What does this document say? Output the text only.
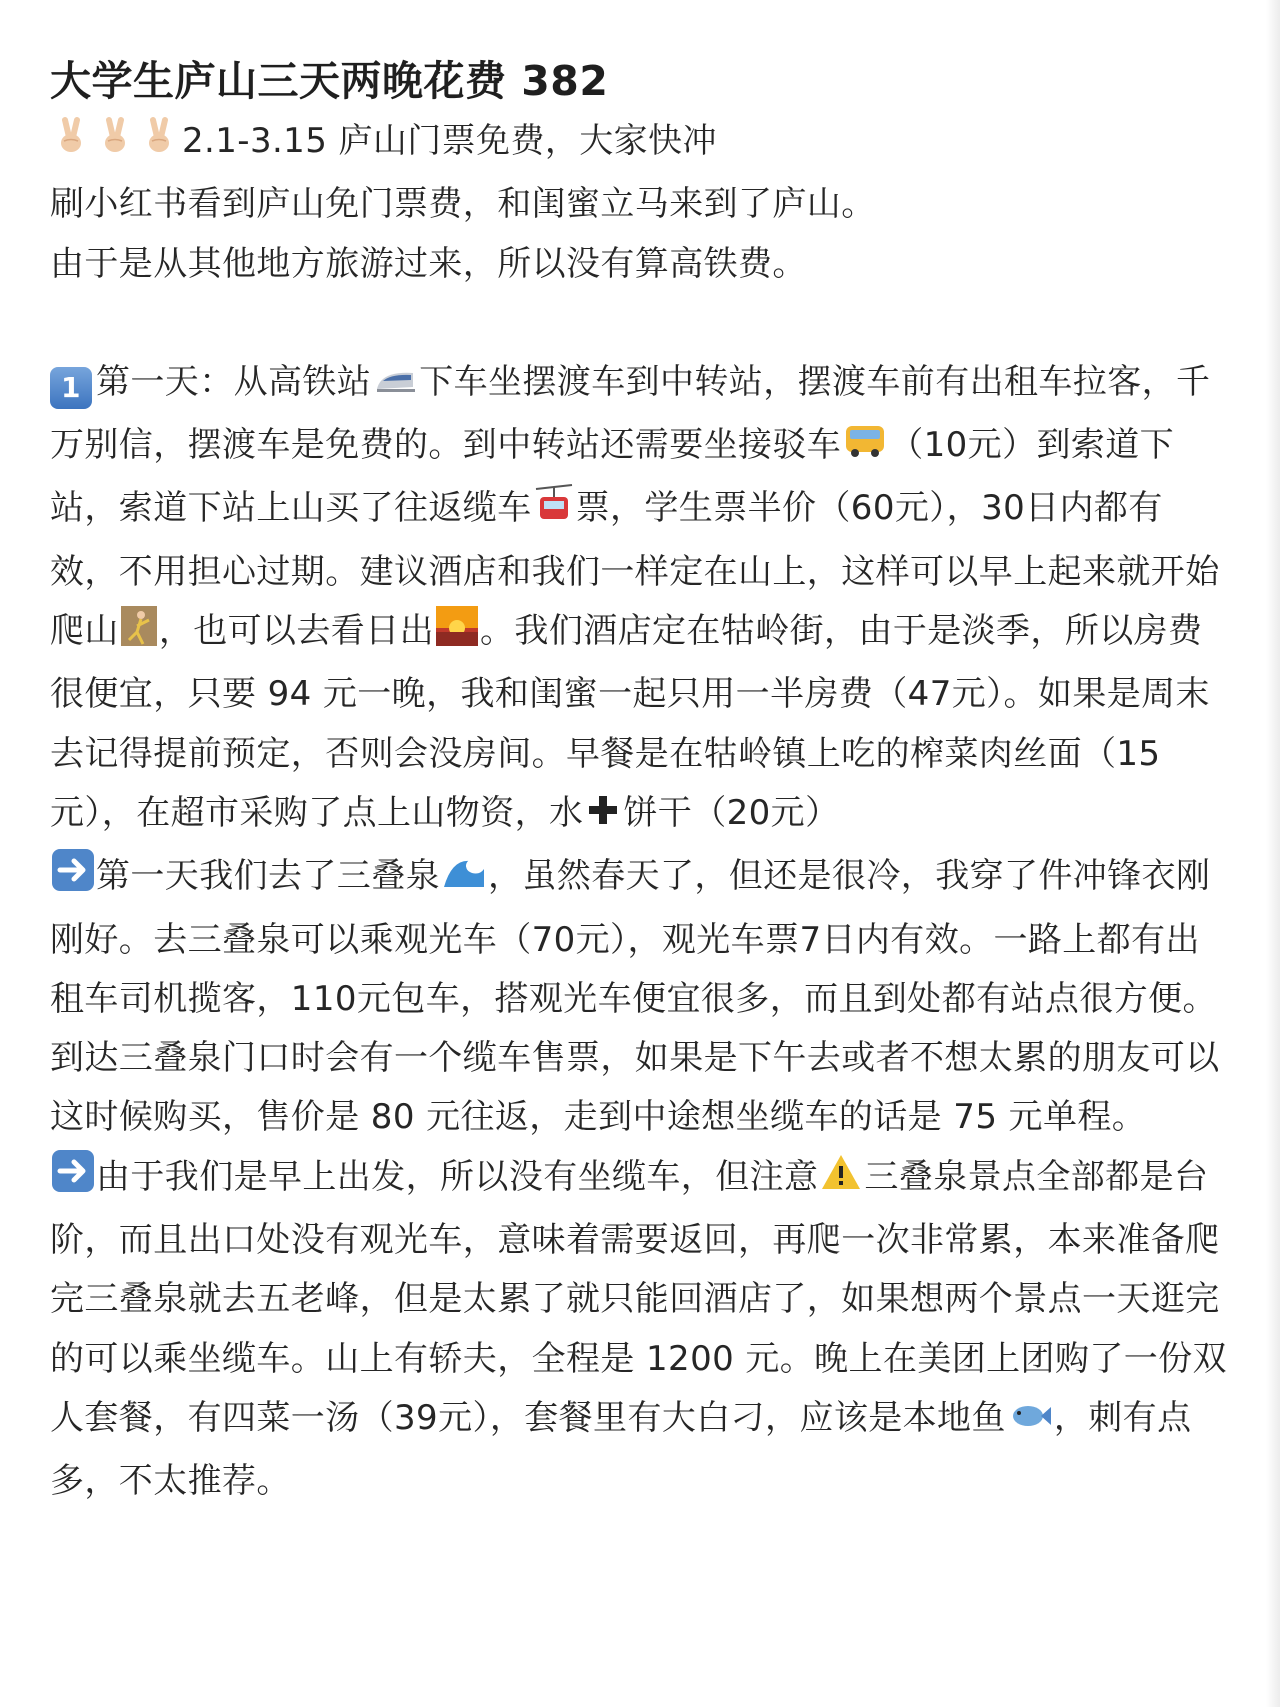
大学生庐山三天两晚花费 382

2.1-3.15 庐山门票免费，大家快冲

刷小红书看到庐山免门票费，和闺蜜立马来到了庐山。

由于是从其他地方旅游过来，所以没有算高铁费。

1 第一天：从高铁站 下车坐摆渡车到中转站，摆渡车前有出租车拉客，千万别信，摆渡车是免费的。到中转站还需要坐接驳车 （10元）到索道下站，索道下站上山买了往返缆车 票，学生票半价（60元），30日内都有效，不用担心过期。建议酒店和我们一样定在山上，这样可以早上起来就开始爬山 ，也可以去看日出 。我们酒店定在牯岭街，由于是淡季，所以房费很便宜，只要 94 元一晚，我和闺蜜一起只用一半房费（47元）。如果是周末去记得提前预定，否则会没房间。早餐是在牯岭镇上吃的榨菜肉丝面（15元），在超市采购了点上山物资，水 饼干（20元）

第一天我们去了三叠泉 ，虽然春天了，但还是很冷，我穿了件冲锋衣刚刚好。去三叠泉可以乘观光车（70元），观光车票7日内有效。一路上都有出租车司机揽客，110元包车，搭观光车便宜很多，而且到处都有站点很方便。到达三叠泉门口时会有一个缆车售票，如果是下午去或者不想太累的朋友可以这时候购买，售价是 80 元往返，走到中途想坐缆车的话是 75 元单程。

由于我们是早上出发，所以没有坐缆车，但注意 三叠泉景点全部都是台阶，而且出口处没有观光车，意味着需要返回，再爬一次非常累，本来准备爬完三叠泉就去五老峰，但是太累了就只能回酒店了，如果想两个景点一天逛完的可以乘坐缆车。山上有轿夫，全程是 1200 元。晚上在美团上团购了一份双人套餐，有四菜一汤（39元），套餐里有大白刁，应该是本地鱼 ，刺有点多，不太推荐。
